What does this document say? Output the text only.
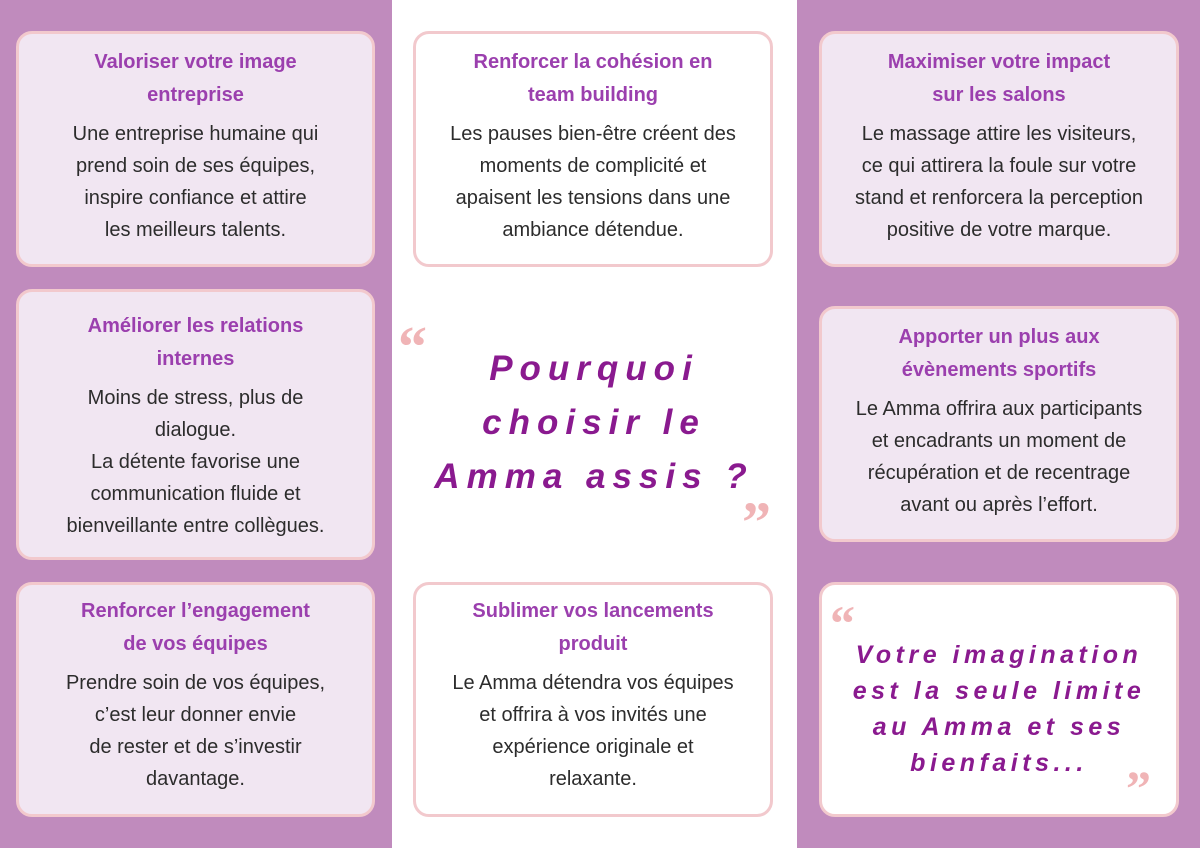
Valoriser votre image
entreprise
Une entreprise humaine qui
prend soin de ses équipes,
inspire confiance et attire
les meilleurs talents.
Améliorer les relations
internes
Moins de stress, plus de
dialogue.
La détente favorise une
communication fluide et
bienveillante entre collègues.
Renforcer l’engagement
de vos équipes
Prendre soin de vos équipes,
c’est leur donner envie
de rester et de s’investir
davantage.
Renforcer la cohésion en
team building
Les pauses bien-être créent des
moments de complicité et
apaisent les tensions dans une
ambiance détendue.
“	Pourquoi
choisir le
Amma assis ?
”
Sublimer vos lancements
produit
Le Amma détendra vos équipes
et offrira à vos invités une
expérience originale et
relaxante.
Maximiser votre impact
sur les salons
Le massage attire les visiteurs,
ce qui attirera la foule sur votre
stand et renforcera la perception
positive de votre marque.
Apporter un plus aux
évènements sportifs
Le Amma offrira aux participants
et encadrants un moment de
récupération et de recentrage
avant ou après l’effort.
Votre imagination
est la seule limite
au Amma et ses
bienfaits...
“
”
